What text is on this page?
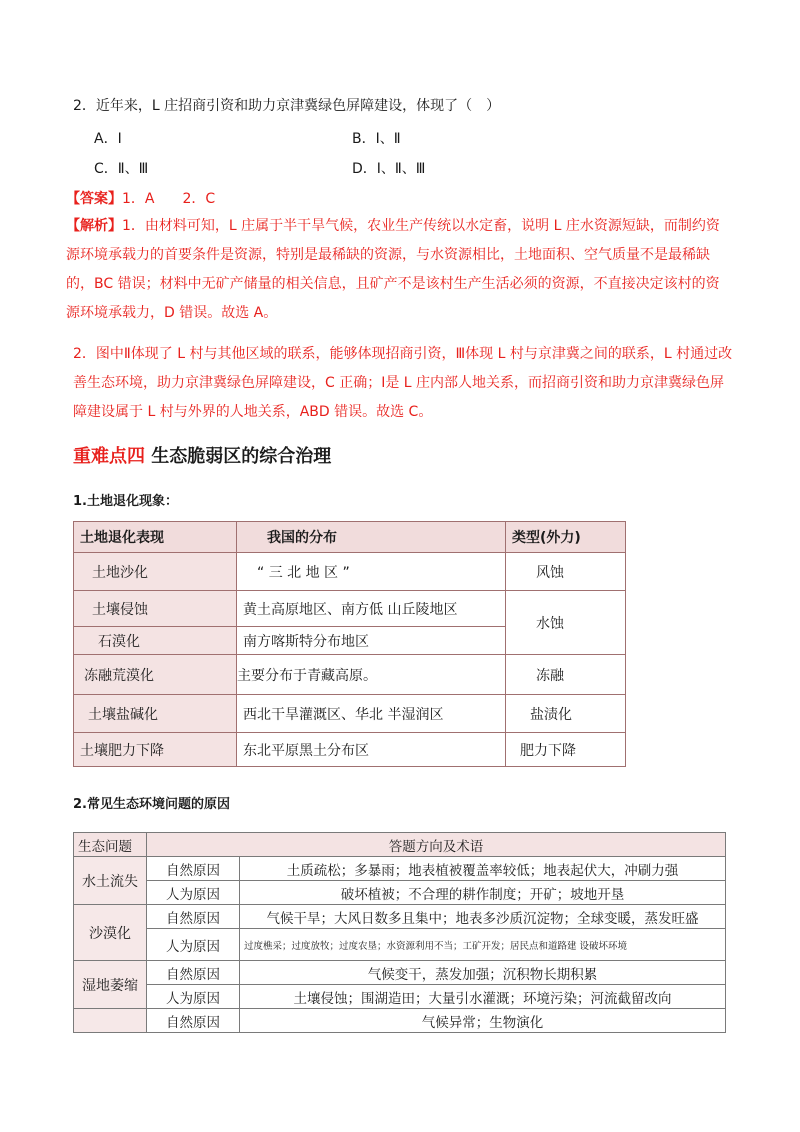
2．近年来，L 庄招商引资和助力京津冀绿色屏障建设，体现了（　）
A．Ⅰ	B．Ⅰ、Ⅱ
C．Ⅱ、Ⅲ	D．Ⅰ、Ⅱ、Ⅲ
【答案】1．A　　2．C
【解析】1．由材料可知，L 庄属于半干旱气候，农业生产传统以水定畜，说明 L 庄水资源短缺，而制约资源环境承载力的首要条件是资源，特别是最稀缺的资源，与水资源相比，土地面积、空气质量不是最稀缺的，BC 错误；材料中无矿产储量的相关信息，且矿产不是该村生产生活必须的资源，不直接决定该村的资源环境承载力，D 错误。故选 A。
2．图中Ⅱ体现了 L 村与其他区域的联系，能够体现招商引资，Ⅲ体现 L 村与京津冀之间的联系，L 村通过改善生态环境，助力京津冀绿色屏障建设，C 正确；Ⅰ是 L 庄内部人地关系，而招商引资和助力京津冀绿色屏障建设属于 L 村与外界的人地关系，ABD 错误。故选 C。
重难点四 生态脆弱区的综合治理
1.土地退化现象：
土地退化表现	我国的分布	类型(外力)
土地沙化	“ 三 北 地 区 ”	风蚀
土壤侵蚀	黄土高原地区、南方低 山丘陵地区	水蚀
石漠化	南方喀斯特分布地区	
冻融荒漠化	主要分布于青藏高原。	冻融
土壤盐碱化	西北干旱灌溉区、华北 半湿润区	盐渍化
土壤肥力下降	东北平原黑土分布区	肥力下降
2.常见生态环境问题的原因
生态问题	答题方向及术语	
水土流失	自然原因	土质疏松；多暴雨；地表植被覆盖率较低；地表起伏大，冲刷力强
	人为原因	破坏植被；不合理的耕作制度；开矿；坡地开垦
沙漠化	自然原因	气候干旱；大风日数多且集中；地表多沙质沉淀物；全球变暖，蒸发旺盛
	人为原因	过度樵采；过度放牧；过度农垦；水资源利用不当；工矿开发；居民点和道路建 设破坏环境
湿地萎缩	自然原因	气候变干，蒸发加强；沉积物长期积累
	人为原因	土壤侵蚀；围湖造田；大量引水灌溉；环境污染；河流截留改向
	自然原因	气候异常；生物演化
